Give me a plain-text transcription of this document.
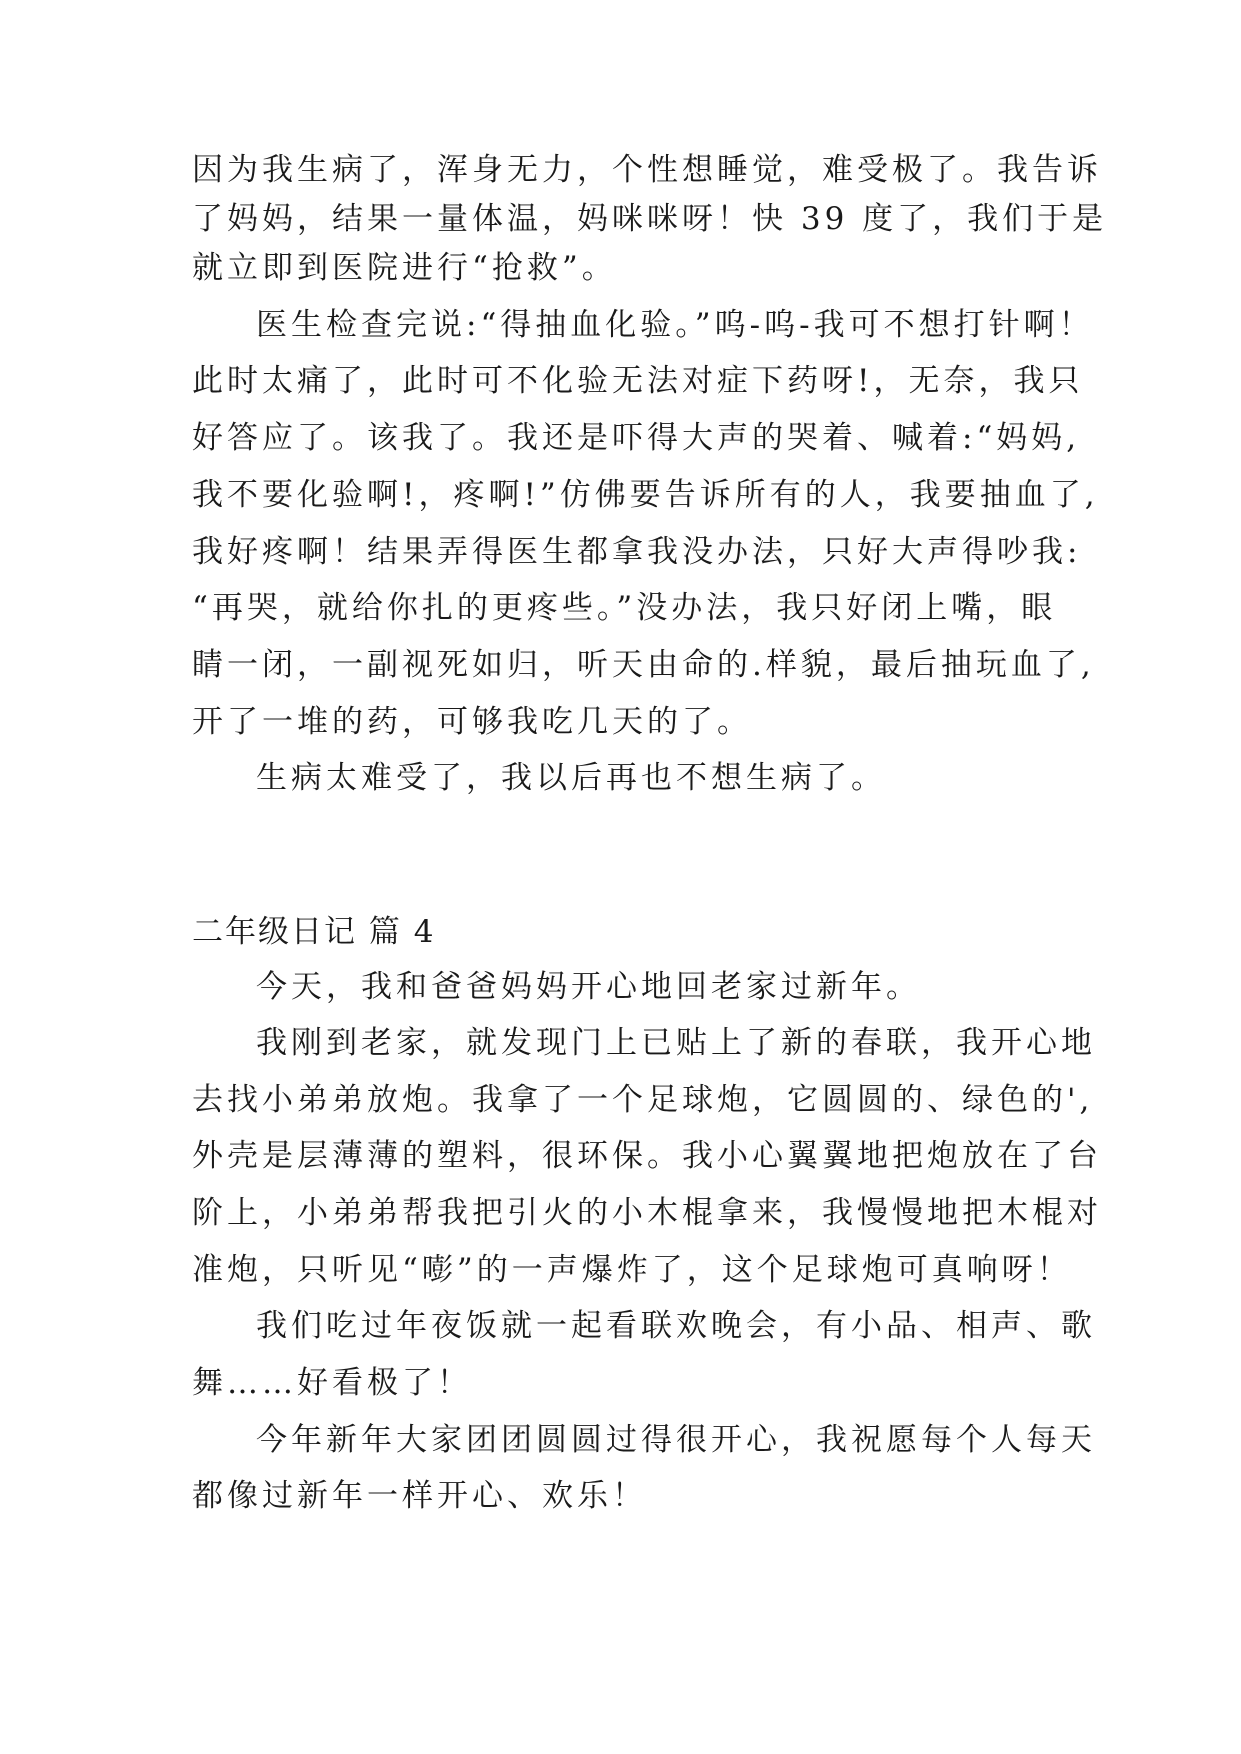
因为我生病了，浑身无力，个性想睡觉，难受极了。我告诉
了妈妈，结果一量体温，妈咪咪呀！快 39 度了，我们于是
就立即到医院进行“抢救”。
医生检查完说:“得抽血化验。”呜-呜-我可不想打针啊！
此时太痛了，此时可不化验无法对症下药呀!，无奈，我只
好答应了。该我了。我还是吓得大声的哭着、喊着:“妈妈,
我不要化验啊!，疼啊!”仿佛要告诉所有的人，我要抽血了,
我好疼啊！结果弄得医生都拿我没办法，只好大声得吵我:
“再哭，就给你扎的更疼些。”没办法，我只好闭上嘴，眼
睛一闭，一副视死如归，听天由命的.样貌，最后抽玩血了,
开了一堆的药，可够我吃几天的了。
生病太难受了，我以后再也不想生病了。
二年级日记 篇 4
今天，我和爸爸妈妈开心地回老家过新年。
我刚到老家，就发现门上已贴上了新的春联，我开心地
去找小弟弟放炮。我拿了一个足球炮，它圆圆的、绿色的',
外壳是层薄薄的塑料，很环保。我小心翼翼地把炮放在了台
阶上，小弟弟帮我把引火的小木棍拿来，我慢慢地把木棍对
准炮，只听见“嘭”的一声爆炸了，这个足球炮可真响呀！
我们吃过年夜饭就一起看联欢晚会，有小品、相声、歌
舞……好看极了！
今年新年大家团团圆圆过得很开心，我祝愿每个人每天
都像过新年一样开心、欢乐！
